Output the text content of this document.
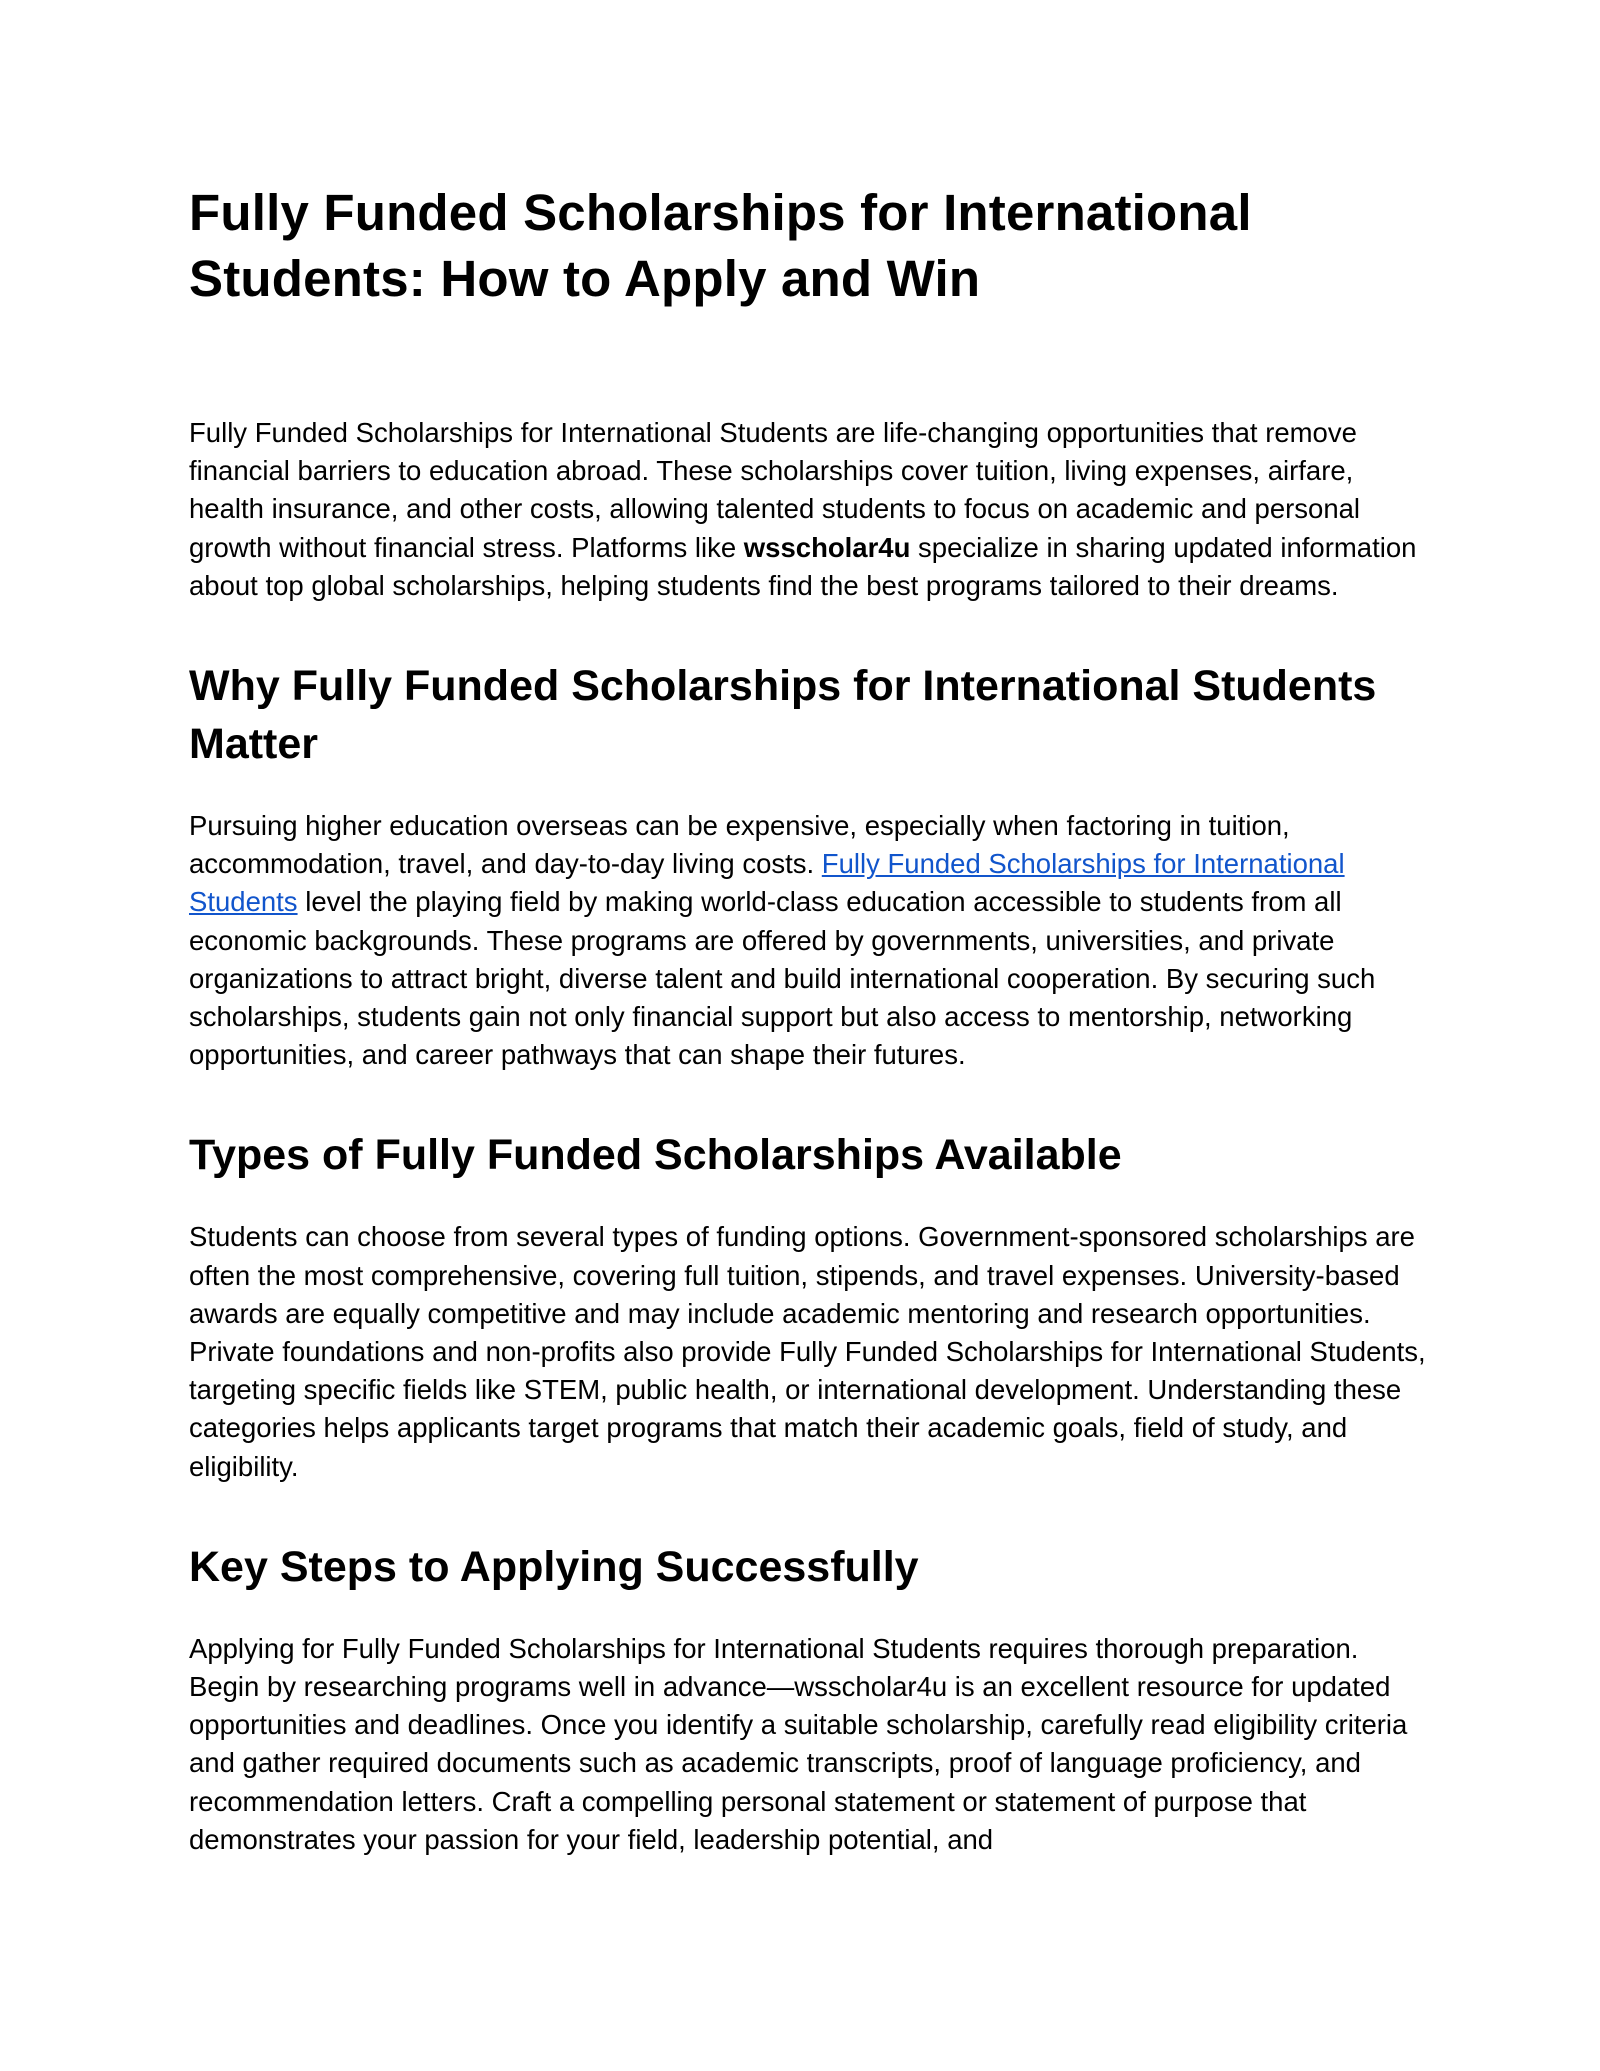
Fully Funded Scholarships for International Students: How to Apply and Win

Fully Funded Scholarships for International Students are life-changing opportunities that remove financial barriers to education abroad. These scholarships cover tuition, living expenses, airfare, health insurance, and other costs, allowing talented students to focus on academic and personal growth without financial stress. Platforms like wsscholar4u specialize in sharing updated information about top global scholarships, helping students find the best programs tailored to their dreams.

Why Fully Funded Scholarships for International Students Matter

Pursuing higher education overseas can be expensive, especially when factoring in tuition, accommodation, travel, and day-to-day living costs. Fully Funded Scholarships for International Students level the playing field by making world-class education accessible to students from all economic backgrounds. These programs are offered by governments, universities, and private organizations to attract bright, diverse talent and build international cooperation. By securing such scholarships, students gain not only financial support but also access to mentorship, networking opportunities, and career pathways that can shape their futures.

Types of Fully Funded Scholarships Available

Students can choose from several types of funding options. Government-sponsored scholarships are often the most comprehensive, covering full tuition, stipends, and travel expenses. University-based awards are equally competitive and may include academic mentoring and research opportunities. Private foundations and non-profits also provide Fully Funded Scholarships for International Students, targeting specific fields like STEM, public health, or international development. Understanding these categories helps applicants target programs that match their academic goals, field of study, and eligibility.

Key Steps to Applying Successfully

Applying for Fully Funded Scholarships for International Students requires thorough preparation. Begin by researching programs well in advance—wsscholar4u is an excellent resource for updated opportunities and deadlines. Once you identify a suitable scholarship, carefully read eligibility criteria and gather required documents such as academic transcripts, proof of language proficiency, and recommendation letters. Craft a compelling personal statement or statement of purpose that demonstrates your passion for your field, leadership potential, and
